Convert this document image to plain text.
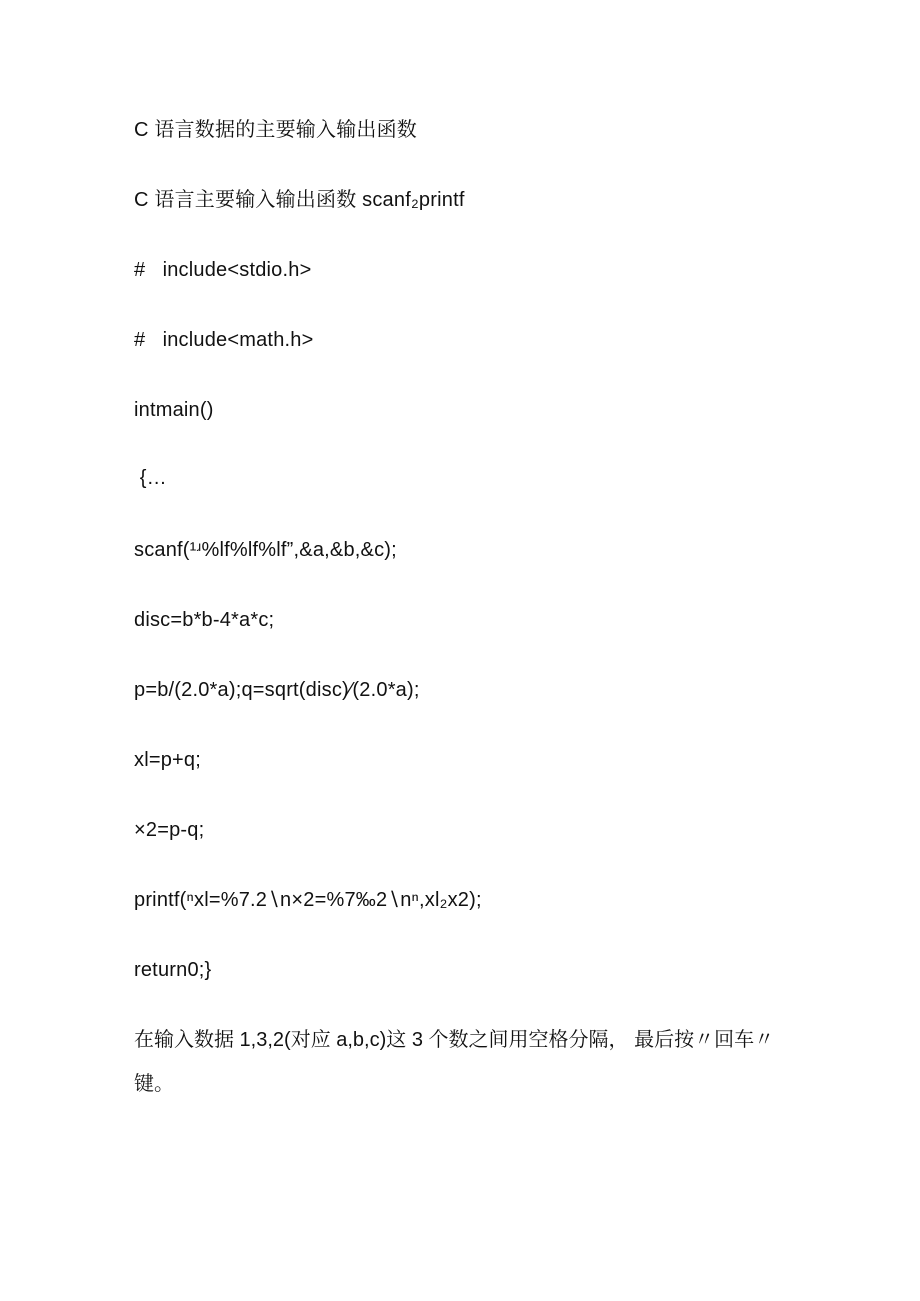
C 语言数据的主要输入输出函数
C 语言主要输入输出函数 scanf₂printf
#   include<stdio.h>
#   include<math.h>
intmain()
{…
scanf(¹ʴ%lf%lf%lf”,&a,&b,&c);
disc=b*b-4*a*c;
p=b/(2.0*a);q=sqrt(disc)⁄(2.0*a);
xl=p+q;
×2=p-q;
printf(ⁿxl=%7.2∖n×2=%7‰2∖nⁿ,xl₂x2);
return0;}
在输入数据 1,3,2(对应 a,b,c)这 3 个数之间用空格分隔， 最后按〃回车〃键。
